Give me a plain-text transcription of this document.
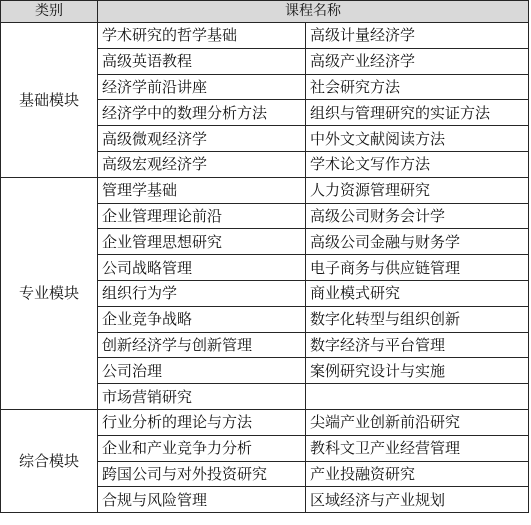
类别	课程名称	
基础模块	学术研究的哲学基础	高级计量经济学
	高级英语教程	高级产业经济学
	经济学前沿讲座	社会研究方法
	经济学中的数理分析方法	组织与管理研究的实证方法
	高级微观经济学	中外文文献阅读方法
	高级宏观经济学	学术论文写作方法
专业模块	管理学基础	人力资源管理研究
	企业管理理论前沿	高级公司财务会计学
	企业管理思想研究	高级公司金融与财务学
	公司战略管理	电子商务与供应链管理
	组织行为学	商业模式研究
	企业竞争战略	数字化转型与组织创新
	创新经济学与创新管理	数字经济与平台管理
	公司治理	案例研究设计与实施
	市场营销研究	
综合模块	行业分析的理论与方法	尖端产业创新前沿研究
	企业和产业竞争力分析	教科文卫产业经营管理
	跨国公司与对外投资研究	产业投融资研究
	合规与风险管理	区域经济与产业规划
